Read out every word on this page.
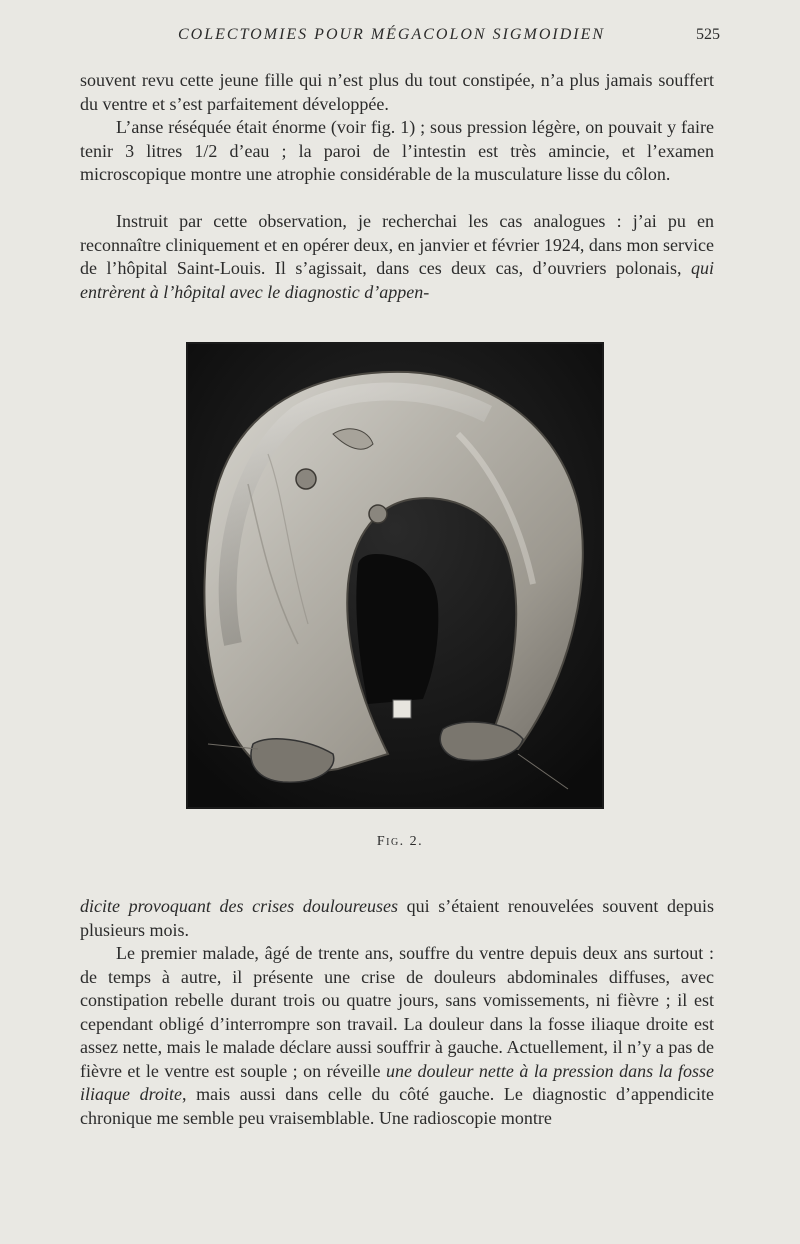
COLECTOMIES POUR MÉGACOLON SIGMOIDIEN	525

souvent revu cette jeune fille qui n’est plus du tout constipée, n’a plus jamais souffert du ventre et s’est parfaitement développée.

L’anse réséquée était énorme (voir fig. 1) ; sous pression légère, on pouvait y faire tenir 3 litres 1/2 d’eau ; la paroi de l’intestin est très amincie, et l’examen microscopique montre une atrophie considérable de la musculature lisse du côlon.

Instruit par cette observation, je recherchai les cas analogues : j’ai pu en reconnaître cliniquement et en opérer deux, en janvier et février 1924, dans mon service de l’hôpital Saint-Louis. Il s’agissait, dans ces deux cas, d’ouvriers polonais, qui entrèrent à l’hôpital avec le diagnostic d’appen-

Fig. 2.

dicite provoquant des crises douloureuses qui s’étaient renouvelées souvent depuis plusieurs mois.

Le premier malade, âgé de trente ans, souffre du ventre depuis deux ans surtout : de temps à autre, il présente une crise de douleurs abdominales diffuses, avec constipation rebelle durant trois ou quatre jours, sans vomissements, ni fièvre ; il est cependant obligé d’interrompre son travail. La douleur dans la fosse iliaque droite est assez nette, mais le malade déclare aussi souffrir à gauche. Actuellement, il n’y a pas de fièvre et le ventre est souple ; on réveille une douleur nette à la pression dans la fosse iliaque droite, mais aussi dans celle du côté gauche. Le diagnostic d’appendicite chronique me semble peu vraisemblable. Une radioscopie montre
